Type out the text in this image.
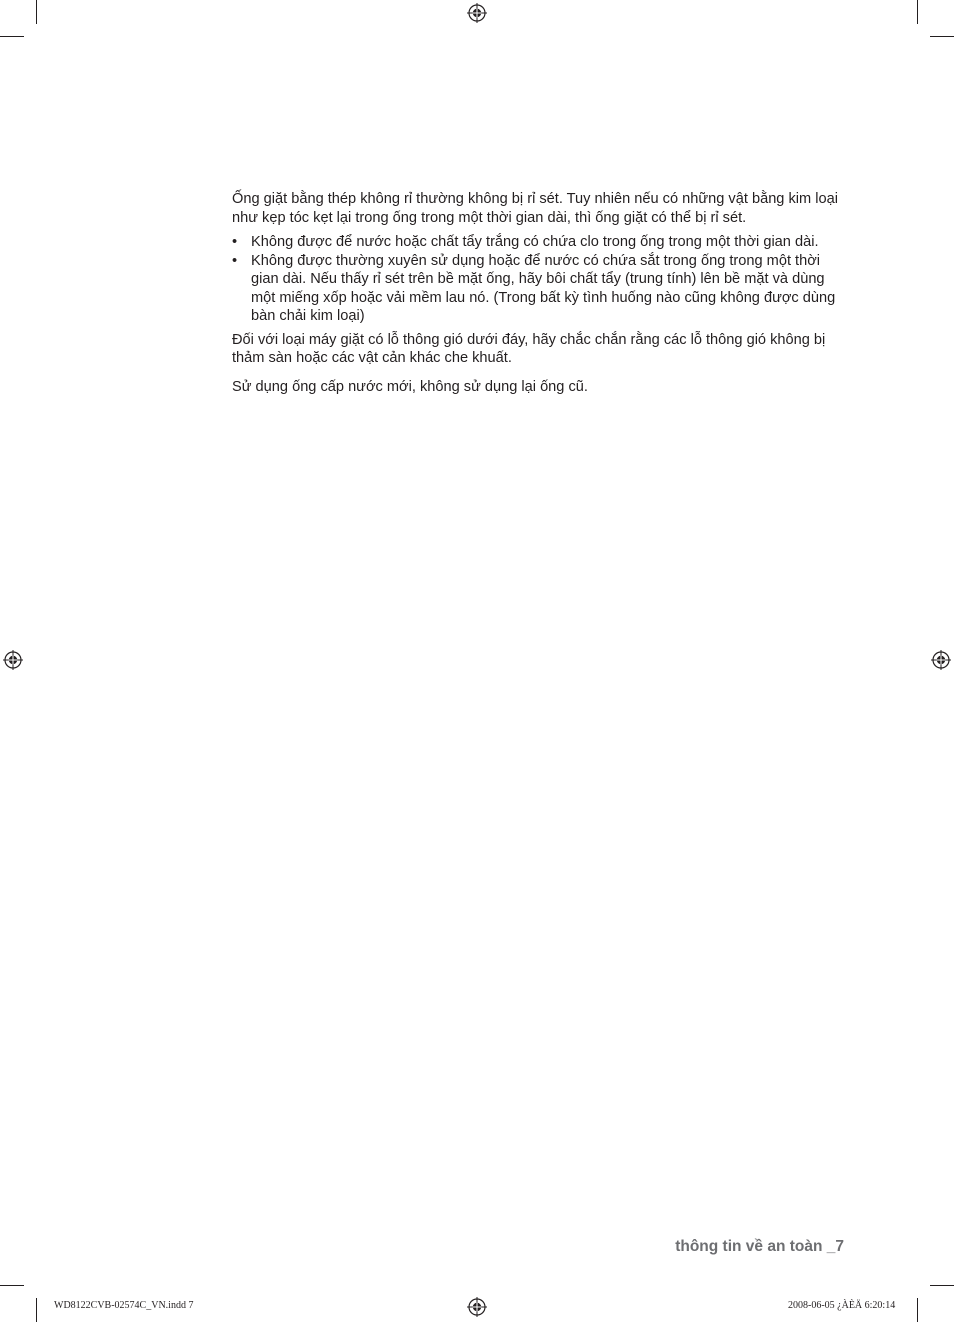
Ống giặt bằng thép không rỉ thường không bị rỉ sét. Tuy nhiên nếu có những vật bằng kim loại như kẹp tóc kẹt lại trong ống trong một thời gian dài, thì ống giặt có thể bị rỉ sét.

• Không được để nước hoặc chất tẩy trắng có chứa clo trong ống trong một thời gian dài.
• Không được thường xuyên sử dụng hoặc để nước có chứa sắt trong ống trong một thời gian dài. Nếu thấy rỉ sét trên bề mặt ống, hãy bôi chất tẩy (trung tính) lên bề mặt và dùng một miếng xốp hoặc vải mềm lau nó. (Trong bất kỳ tình huống nào cũng không được dùng bàn chải kim loại)

Đối với loại máy giặt có lỗ thông gió dưới đáy, hãy chắc chắn rằng các lỗ thông gió không bị thảm sàn hoặc các vật cản khác che khuất.

Sử dụng ống cấp nước mới, không sử dụng lại ống cũ.

thông tin về an toàn _7
WD8122CVB-02574C_VN.indd 7	2008-06-05 ¿ÀÈÄ 6:20:14
